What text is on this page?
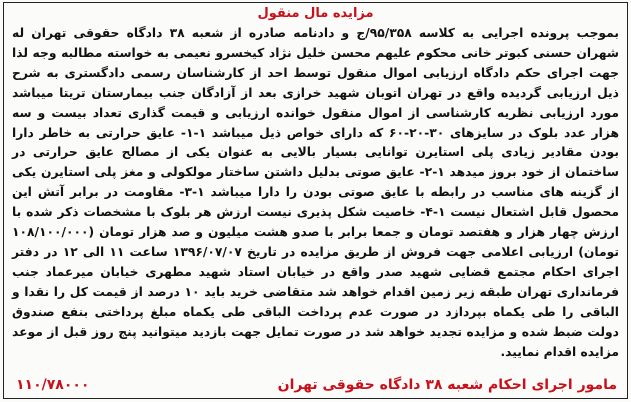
مزایده مال منقول

بموجب پرونده اجرایی به کلاسه ۹۵/۳۵۸/ج و دادنامه صادره از شعبه ۳۸ دادگاه حقوقی تهران له شهران حسنی کبوتر خانی محکوم علیهم محسن خلیل نژاد کیخسرو نعیمی به خواسته مطالبه وجه لذا جهت اجرای حکم دادگاه ارزیابی اموال منقول توسط احد از کارشناسان رسمی دادگستری به شرح ذیل ارزیابی گردیده واقع در تهران اتوبان شهید خرازی بعد از آزادگان جنب بیمارستان تریتا میباشد مورد ارزیابی نظریه کارشناسی از اموال منقول خوانده ارزیابی و قیمت گذاری تعداد بیست و سه هزار عدد بلوک در سایزهای ۳۰-۲۰-۶۰ که دارای خواص ذیل میباشد ۱-۱- عایق حرارتی به خاطر دارا بودن مقادیر زیادی پلی استایرن توانایی بسیار بالایی به عنوان یکی از مصالح عایق حرارتی در ساختمان از خود بروز میدهد ۱-۲- عایق صوتی بدلیل داشتن ساختار مولکولی و مغز پلی استایرن یکی از گزینه های مناسب در رابطه با عایق صوتی بودن را دارا میباشد ۱-۳- مقاومت در برابر آتش این محصول قابل اشتعال نیست ۱-۴- خاصیت شکل پذیری نیست ارزش هر بلوک با مشخصات ذکر شده با ارزش چهار هزار و هفتصد تومان و جمعا برابر با صدو هشت میلیون و صد هزار تومان (۱۰۸/۱۰۰/۰۰۰ تومان) ارزیابی اعلامی جهت فروش از طریق مزایده در تاریخ ۱۳۹۶/۰۷/۰۷ ساعت ۱۱ الی ۱۲ در دفتر اجرای احکام مجتمع قضایی شهید صدر واقع در خیابان استاد شهید مطهری خیابان میرعماد جنب فرمانداری تهران طبقه زیر زمین اقدام خواهد شد متقاضی خرید باید ۱۰ درصد از قیمت کل را نقدا و الباقی را طی یکماه بپردازد در صورت عدم پرداخت الباقی طی یکماه مبلغ پرداختی بنفع صندوق دولت ضبط شده و مزایده تجدید خواهد شد در صورت تمایل جهت بازدید میتوانید پنج روز قبل از موعد مزایده اقدام نمایید.

مامور اجرای احکام شعبه ۳۸ دادگاه حقوقی تهران
۱۱۰/۷۸۰۰۰
